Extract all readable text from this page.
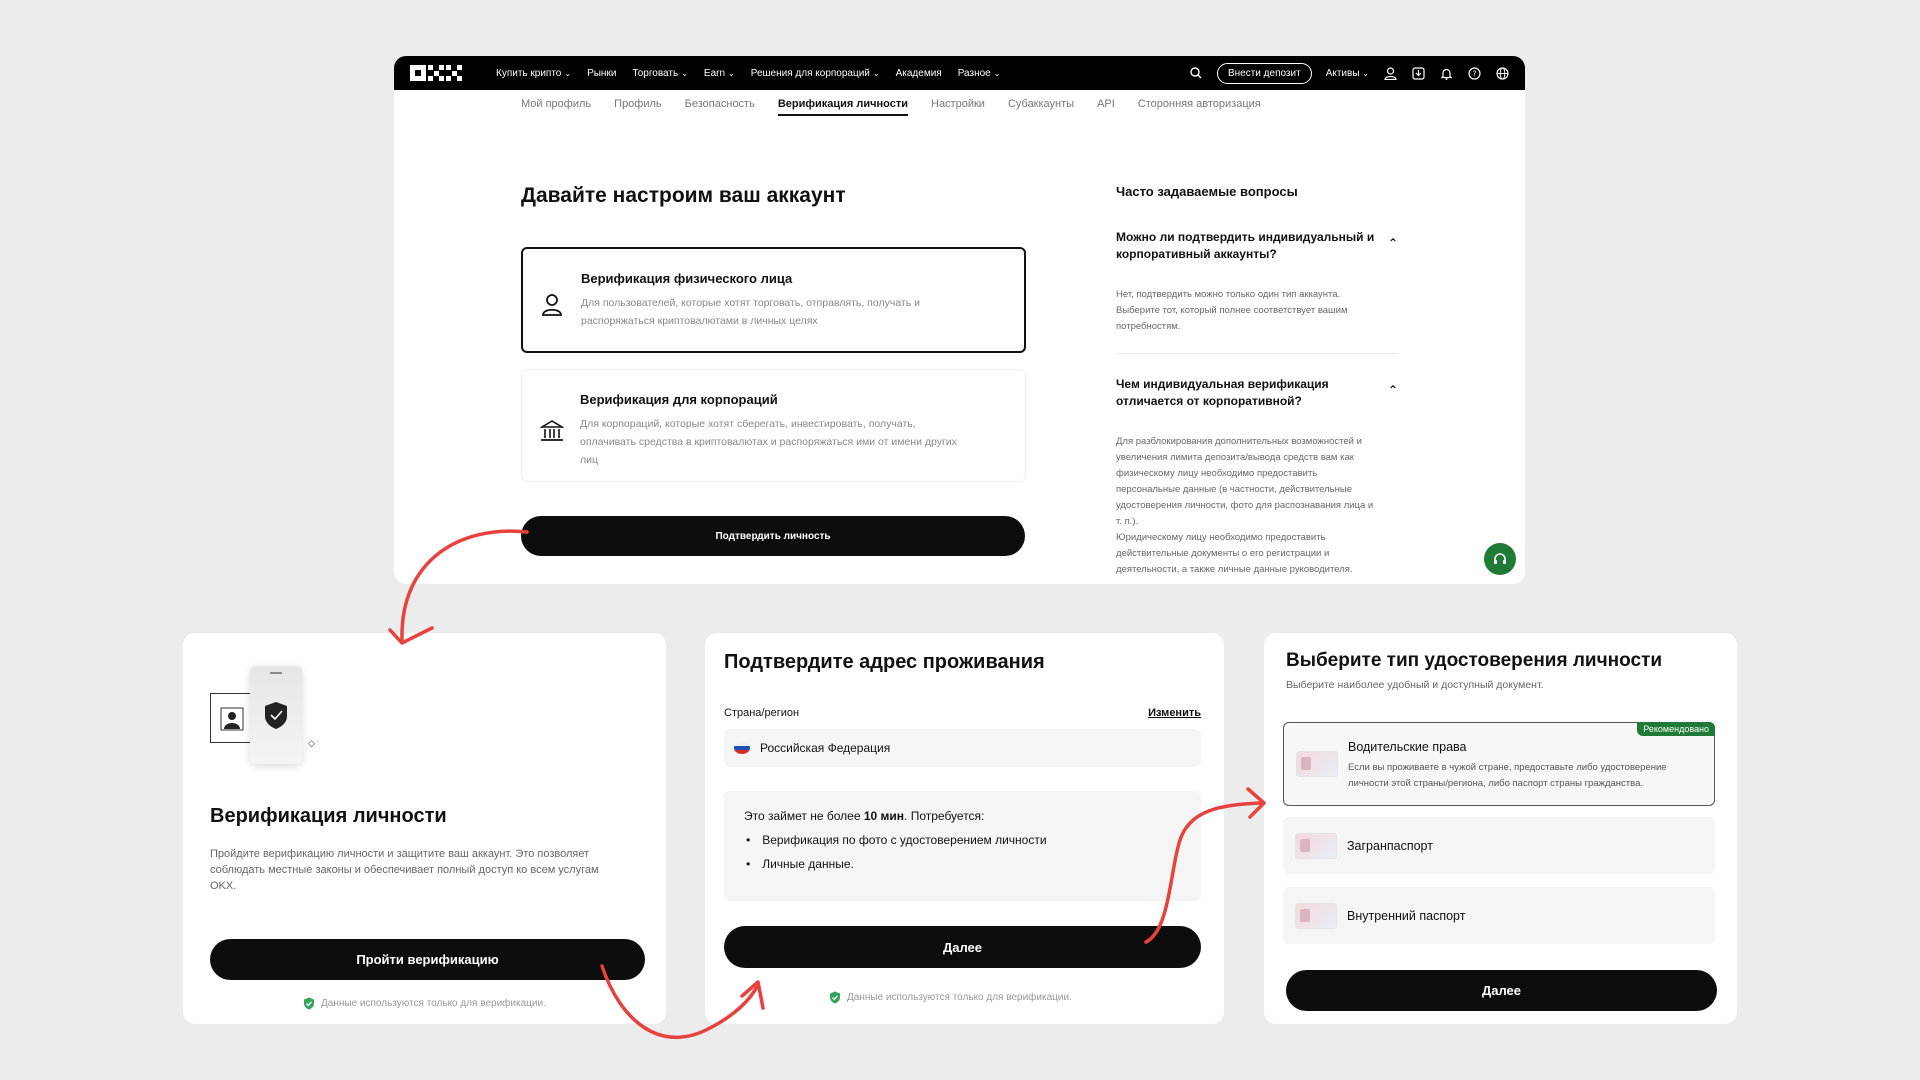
Купить крипто ⌄ Рынки Торговать ⌄ Earn ⌄ Решения для корпораций ⌄ Академия Разное ⌄	Внести депозит	Активы ⌄	?
Мой профиль Профиль Безопасность Верификация личности Настройки Субаккаунты API Сторонняя авторизация
Давайте настроим ваш аккаунт
Верификация физического лица
Для пользователей, которые хотят торговать, отправлять, получать и
распоряжаться криптовалютами в личных целях
Верификация для корпораций
Для корпораций, которые хотят сберегать, инвестировать, получать,
оплачивать средства в криптовалютах и распоряжаться ими от имени других
лиц
Подтвердить личность
Часто задаваемые вопросы
Можно ли подтвердить индивидуальный и
корпоративный аккаунты?
⌃
Нет, подтвердить можно только один тип аккаунта.
Выберите тот, который полнее соответствует вашим
потребностям.
Чем индивидуальная верификация
отличается от корпоративной?
⌃
Для разблокирования дополнительных возможностей и
увеличения лимита депозита/вывода средств вам как
физическому лицу необходимо предоставить
персональные данные (в частности, действительные
удостоверения личности, фото для распознавания лица и
т. п.).
Юридическому лицу необходимо предоставить
действительные документы о его регистрации и
деятельности, а также личные данные руководителя.
◇
Верификация личности
Пройдите верификацию личности и защитите ваш аккаунт. Это позволяет
соблюдать местные законы и обеспечивает полный доступ ко всем услугам
OKX.
Пройти верификацию
Данные используются только для верификации.
Подтвердите адрес проживания
Страна/регион	Изменить
Российская Федерация
Это займет не более 10 мин. Потребуется:
• Верификация по фото с удостоверением личности
• Личные данные.
Далее
Данные используются только для верификации.
Выберите тип удостоверения личности
Выберите наиболее удобный и доступный документ.
Рекомендовано
Водительские права
Если вы проживаете в чужой стране, предоставьте либо удостоверение
личности этой страны/региона, либо паспорт страны гражданства.
Загранпаспорт
Внутренний паспорт
Далее
